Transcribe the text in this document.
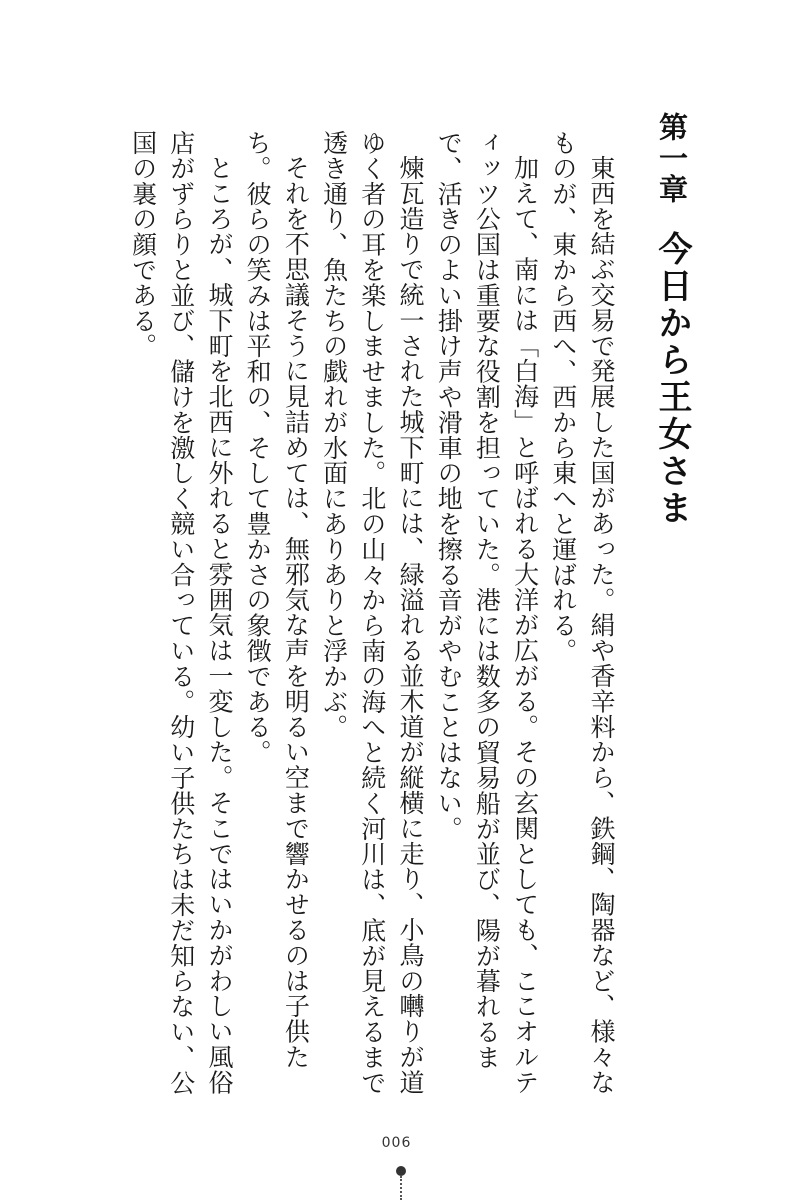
第一章今日から王女さま

東西を結ぶ交易で発展した国があった。絹や香辛料から、鉄鋼、陶器など、様々なものが、東から西へ、西から東へと運ばれる。

加えて、南には「白海」と呼ばれる大洋が広がる。その玄関としても、ここオルティッツ公国は重要な役割を担っていた。港には数多の貿易船が並び、陽が暮れるまで、活きのよい掛け声や滑車の地を擦る音がやむことはない。

煉瓦造りで統一された城下町には、緑溢れる並木道が縦横に走り、小鳥の囀りが道ゆく者の耳を楽しませました。北の山々から南の海へと続く河川は、底が見えるまで透き通り、魚たちの戯れが水面にありありと浮かぶ。

それを不思議そうに見詰めては、無邪気な声を明るい空まで響かせるのは子供たち。彼らの笑みは平和の、そして豊かさの象徴である。

ところが、城下町を北西に外れると雰囲気は一変した。そこではいかがわしい風俗店がずらりと並び、儲けを激しく競い合っている。幼い子供たちは未だ知らない、公国の裏の顔である。

006
